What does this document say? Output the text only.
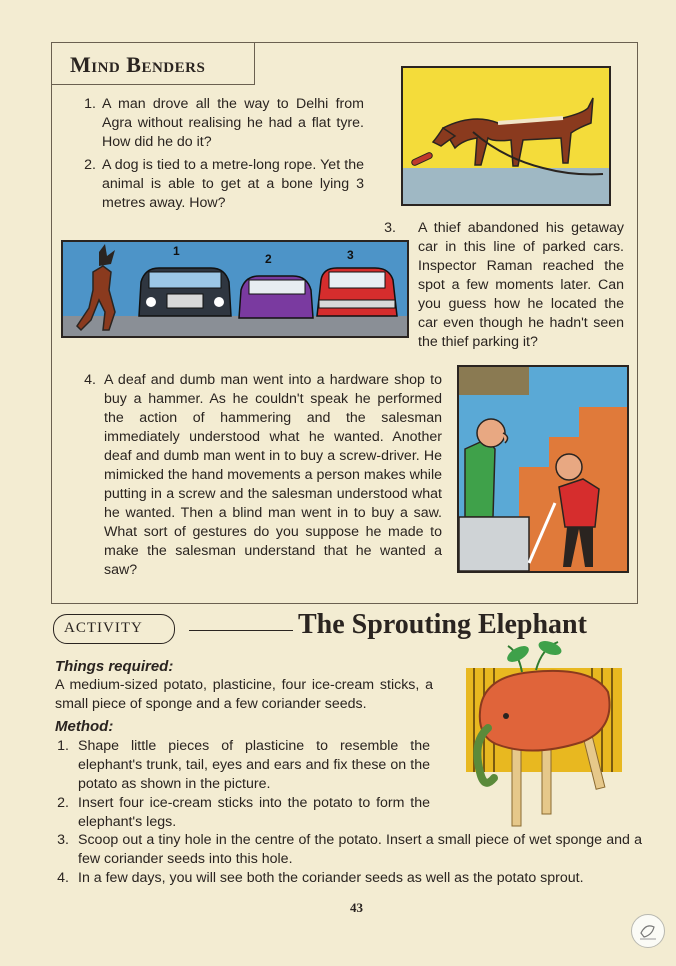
Mind Benders
1. A man drove all the way to Delhi from Agra without realising he had a flat tyre. How did he do it?
2. A dog is tied to a metre-long rope. Yet the animal is able to get at a bone lying 3 metres away. How?
1
2	3
3. A thief abandoned his getaway car in this line of parked cars. Inspector Raman reached the spot a few moments later. Can you guess how he located the car even though he hadn't seen the thief parking it?
4. A deaf and dumb man went into a hardware shop to buy a hammer. As he couldn't speak he performed the action of hammering and the salesman immediately understood what he wanted. Another deaf and dumb man went in to buy a screw-driver. He mimicked the hand movements a person makes while putting in a screw and the salesman understood what he wanted. Then a blind man went in to buy a saw. What sort of gestures do you suppose he made to make the salesman understand that he wanted a saw?
ACTIVITY	The Sprouting Elephant
Things required:
A medium-sized potato, plasticine, four ice-cream sticks, a small piece of sponge and a few coriander seeds.
Method:
1. Shape little pieces of plasticine to resemble the elephant's trunk, tail, eyes and ears and fix these on the potato as shown in the picture.
2. Insert four ice-cream sticks into the potato to form the elephant's legs.
3. Scoop out a tiny hole in the centre of the potato. Insert a small piece of wet sponge and a few coriander seeds into this hole.
4. In a few days, you will see both the coriander seeds as well as the potato sprout.
43
